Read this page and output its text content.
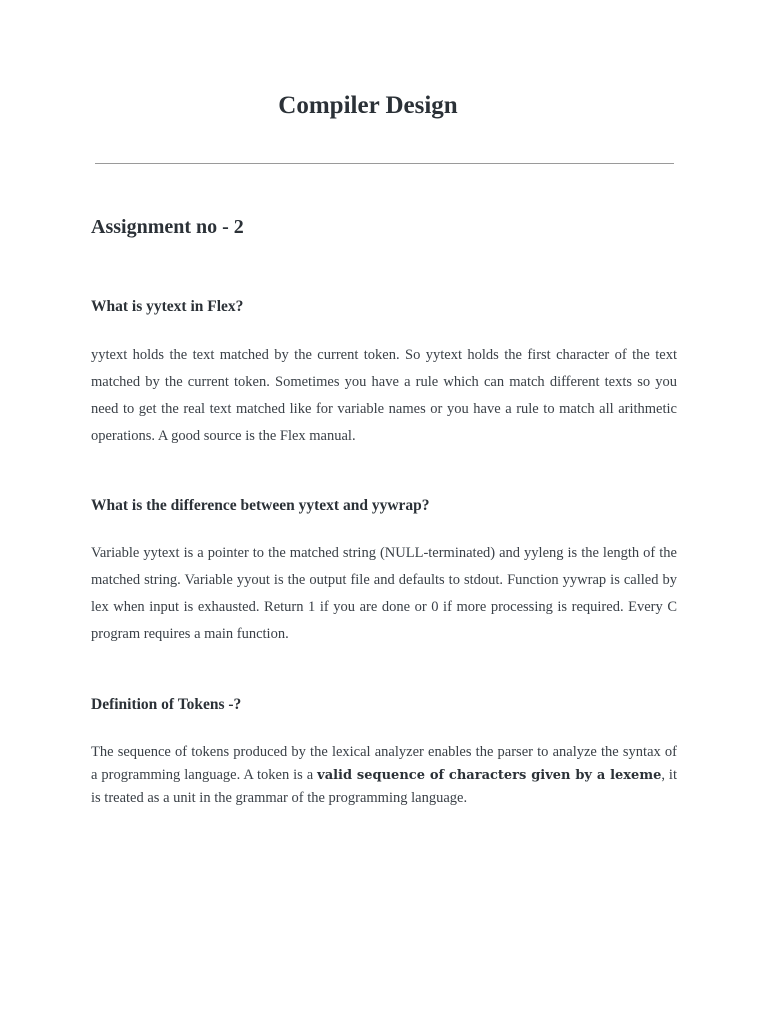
Compiler Design
Assignment no - 2
What is yytext in Flex?

yytext holds the text matched by the current token. So yytext holds the first character of the text matched by the current token. Sometimes you have a rule which can match different texts so you need to get the real text matched like for variable names or you have a rule to match all arithmetic operations. A good source is the Flex manual.

What is the difference between yytext and yywrap?

Variable yytext is a pointer to the matched string (NULL-terminated) and yyleng is the length of the matched string. Variable yyout is the output file and defaults to stdout. Function yywrap is called by lex when input is exhausted. Return 1 if you are done or 0 if more processing is required. Every C program requires a main function.

Definition of Tokens -?

The sequence of tokens produced by the lexical analyzer enables the parser to analyze the syntax of a programming language. A token is a valid sequence of characters given by a lexeme, it is treated as a unit in the grammar of the programming language.
